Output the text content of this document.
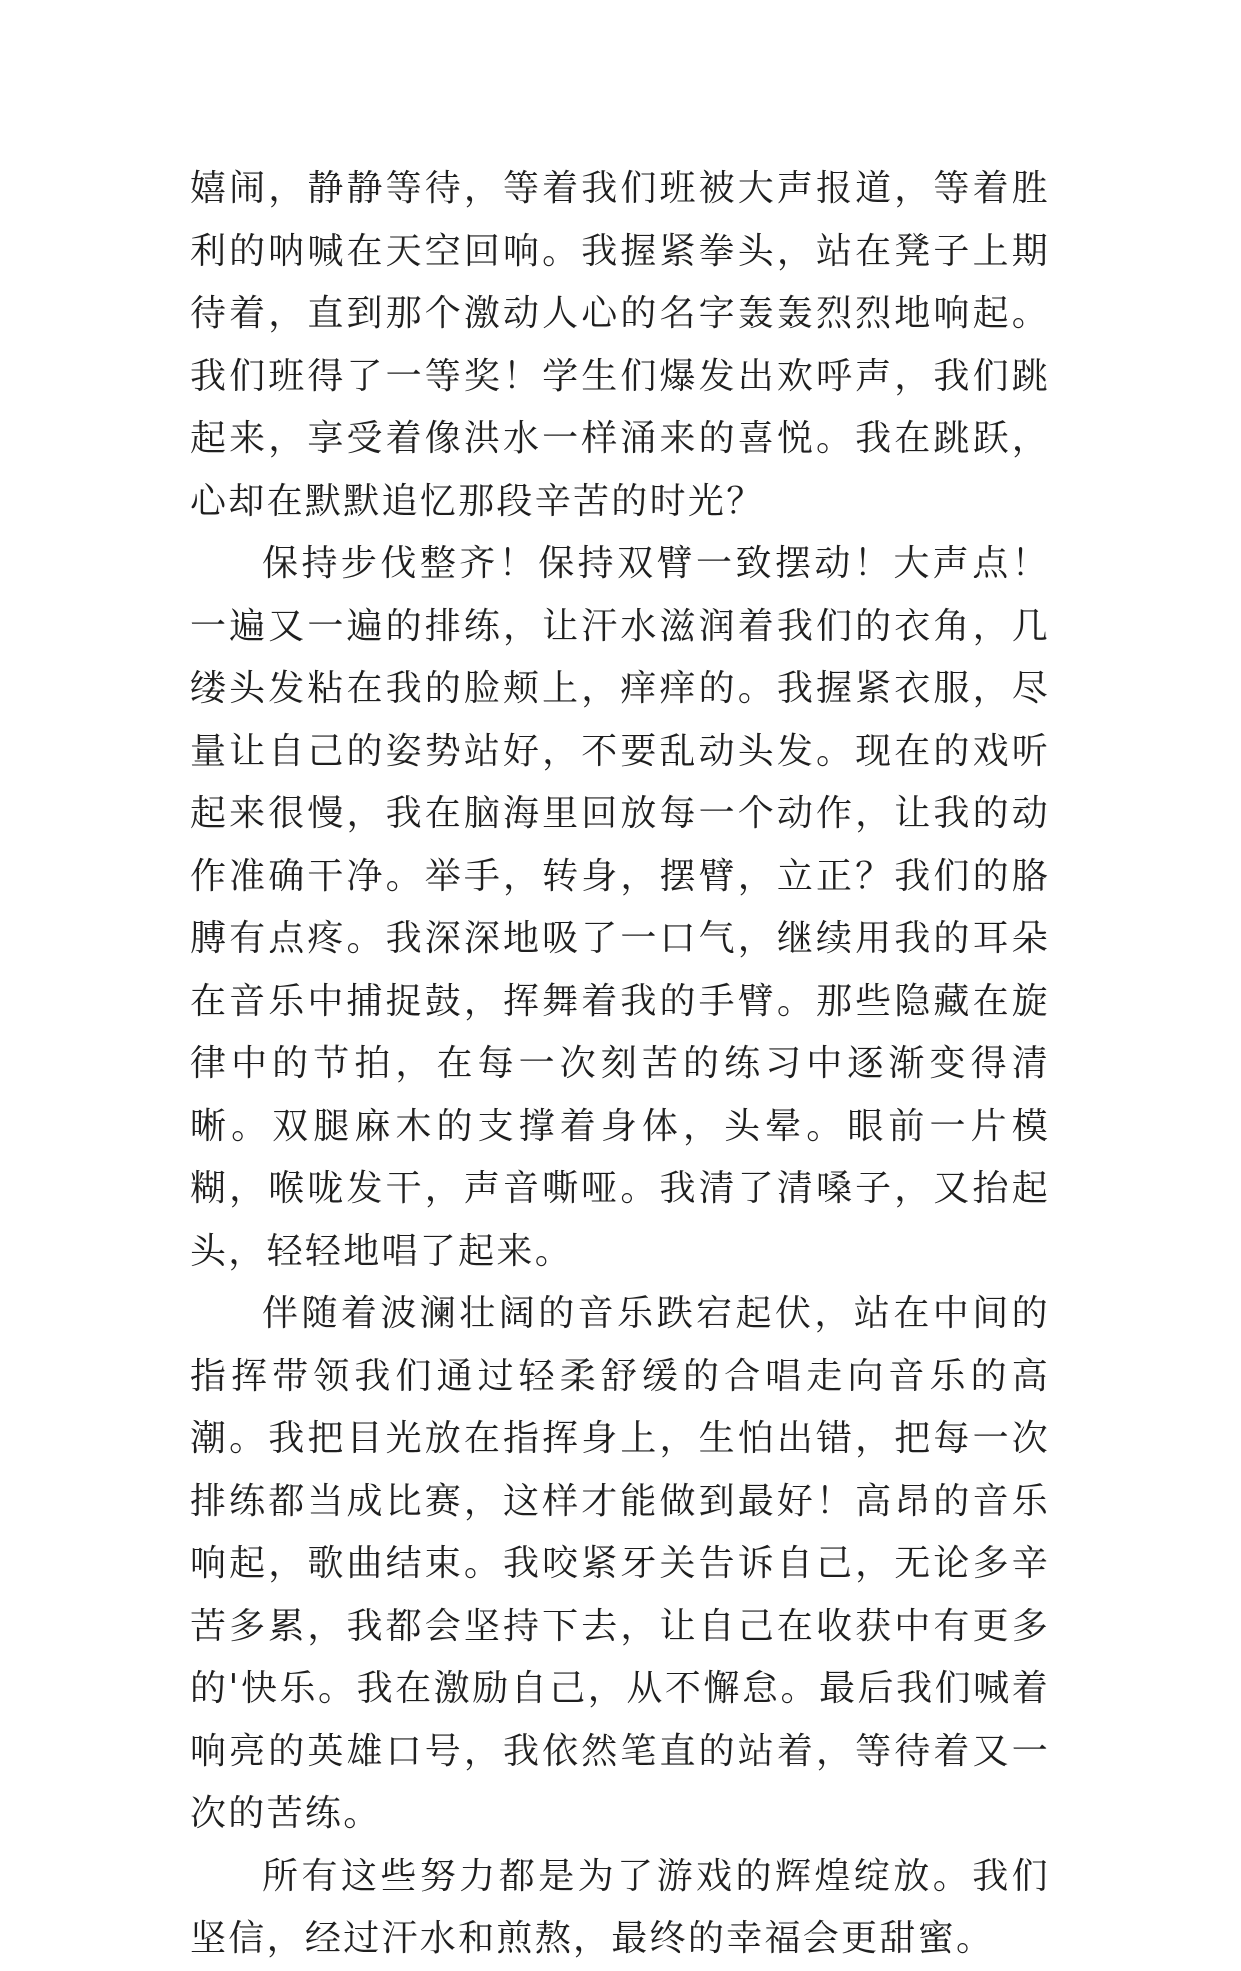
嬉闹，静静等待，等着我们班被大声报道，等着胜利的呐喊在天空回响。我握紧拳头，站在凳子上期待着，直到那个激动人心的名字轰轰烈烈地响起。我们班得了一等奖！学生们爆发出欢呼声，我们跳起来，享受着像洪水一样涌来的喜悦。我在跳跃，心却在默默追忆那段辛苦的时光？

保持步伐整齐！保持双臂一致摆动！大声点！一遍又一遍的排练，让汗水滋润着我们的衣角，几缕头发粘在我的脸颊上，痒痒的。我握紧衣服，尽量让自己的姿势站好，不要乱动头发。现在的戏听起来很慢，我在脑海里回放每一个动作，让我的动作准确干净。举手，转身，摆臂，立正？我们的胳膊有点疼。我深深地吸了一口气，继续用我的耳朵在音乐中捕捉鼓，挥舞着我的手臂。那些隐藏在旋律中的节拍，在每一次刻苦的练习中逐渐变得清晰。双腿麻木的支撑着身体，头晕。眼前一片模糊，喉咙发干，声音嘶哑。我清了清嗓子，又抬起头，轻轻地唱了起来。

伴随着波澜壮阔的音乐跌宕起伏，站在中间的指挥带领我们通过轻柔舒缓的合唱走向音乐的高潮。我把目光放在指挥身上，生怕出错，把每一次排练都当成比赛，这样才能做到最好！高昂的音乐响起，歌曲结束。我咬紧牙关告诉自己，无论多辛苦多累，我都会坚持下去，让自己在收获中有更多的'快乐。我在激励自己，从不懈怠。最后我们喊着响亮的英雄口号，我依然笔直的站着，等待着又一次的苦练。

所有这些努力都是为了游戏的辉煌绽放。我们坚信，经过汗水和煎熬，最终的幸福会更甜蜜。
